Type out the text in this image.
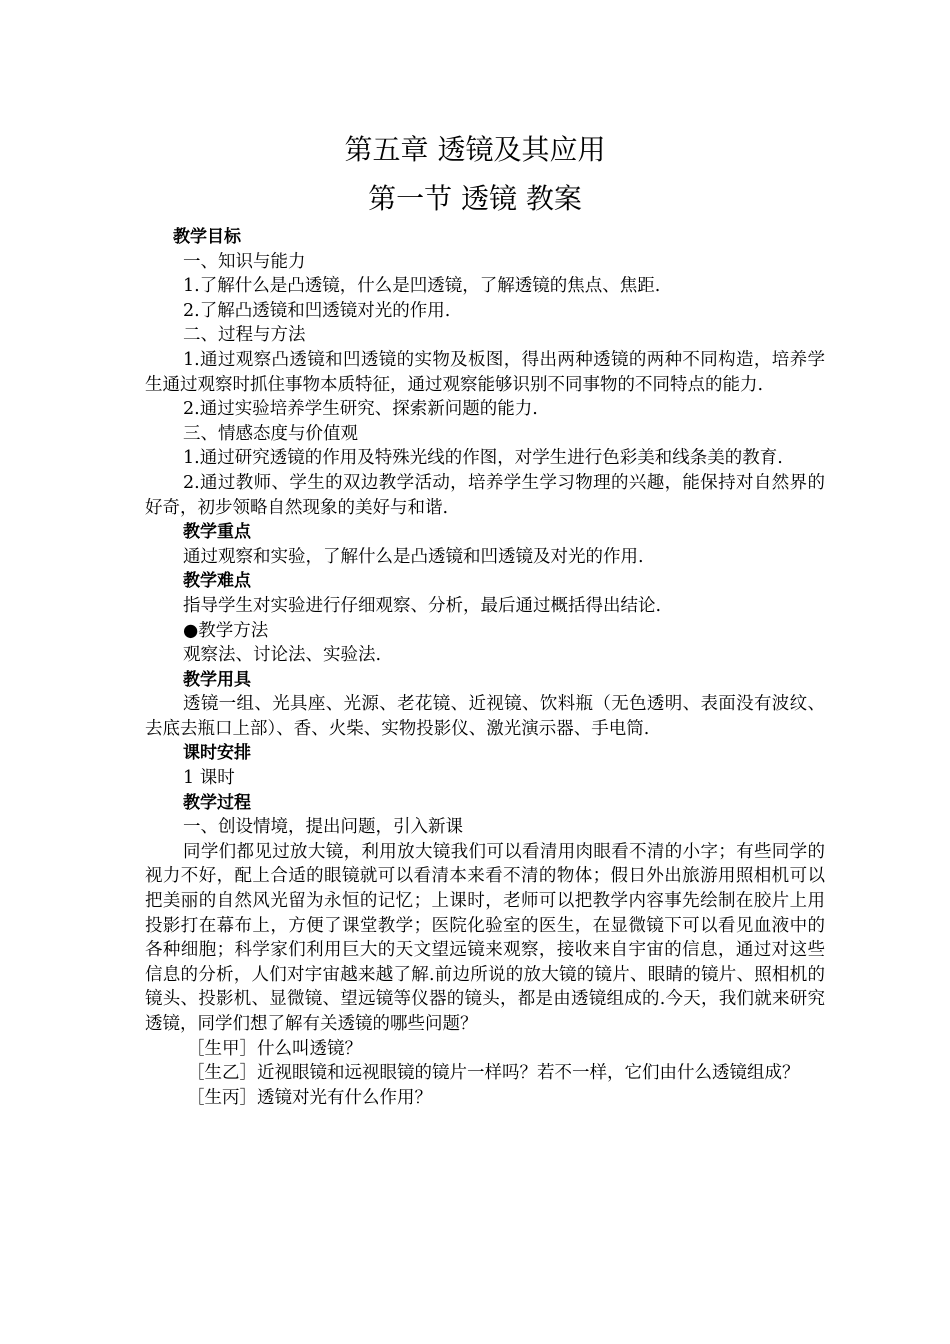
第五章 透镜及其应用
第一节 透镜 教案

教学目标

一、知识与能力

1.了解什么是凸透镜，什么是凹透镜，了解透镜的焦点、焦距.

2.了解凸透镜和凹透镜对光的作用.

二、过程与方法

1.通过观察凸透镜和凹透镜的实物及板图，得出两种透镜的两种不同构造，培养学生通过观察时抓住事物本质特征，通过观察能够识别不同事物的不同特点的能力.

2.通过实验培养学生研究、探索新问题的能力.

三、情感态度与价值观

1.通过研究透镜的作用及特殊光线的作图，对学生进行色彩美和线条美的教育.

2.通过教师、学生的双边教学活动，培养学生学习物理的兴趣，能保持对自然界的好奇，初步领略自然现象的美好与和谐.

教学重点

通过观察和实验，了解什么是凸透镜和凹透镜及对光的作用.

教学难点

指导学生对实验进行仔细观察、分析，最后通过概括得出结论.

●教学方法

观察法、讨论法、实验法.

教学用具

透镜一组、光具座、光源、老花镜、近视镜、饮料瓶（无色透明、表面没有波纹、去底去瓶口上部）、香、火柴、实物投影仪、激光演示器、手电筒.

课时安排

1 课时

教学过程

一、创设情境，提出问题，引入新课

同学们都见过放大镜，利用放大镜我们可以看清用肉眼看不清的小字；有些同学的视力不好，配上合适的眼镜就可以看清本来看不清的物体；假日外出旅游用照相机可以把美丽的自然风光留为永恒的记忆；上课时，老师可以把教学内容事先绘制在胶片上用投影打在幕布上，方便了课堂教学；医院化验室的医生，在显微镜下可以看见血液中的各种细胞；科学家们利用巨大的天文望远镜来观察，接收来自宇宙的信息，通过对这些信息的分析，人们对宇宙越来越了解.前边所说的放大镜的镜片、眼睛的镜片、照相机的镜头、投影机、显微镜、望远镜等仪器的镜头，都是由透镜组成的.今天，我们就来研究透镜，同学们想了解有关透镜的哪些问题？

［生甲］什么叫透镜？

［生乙］近视眼镜和远视眼镜的镜片一样吗？若不一样，它们由什么透镜组成？

［生丙］透镜对光有什么作用？
